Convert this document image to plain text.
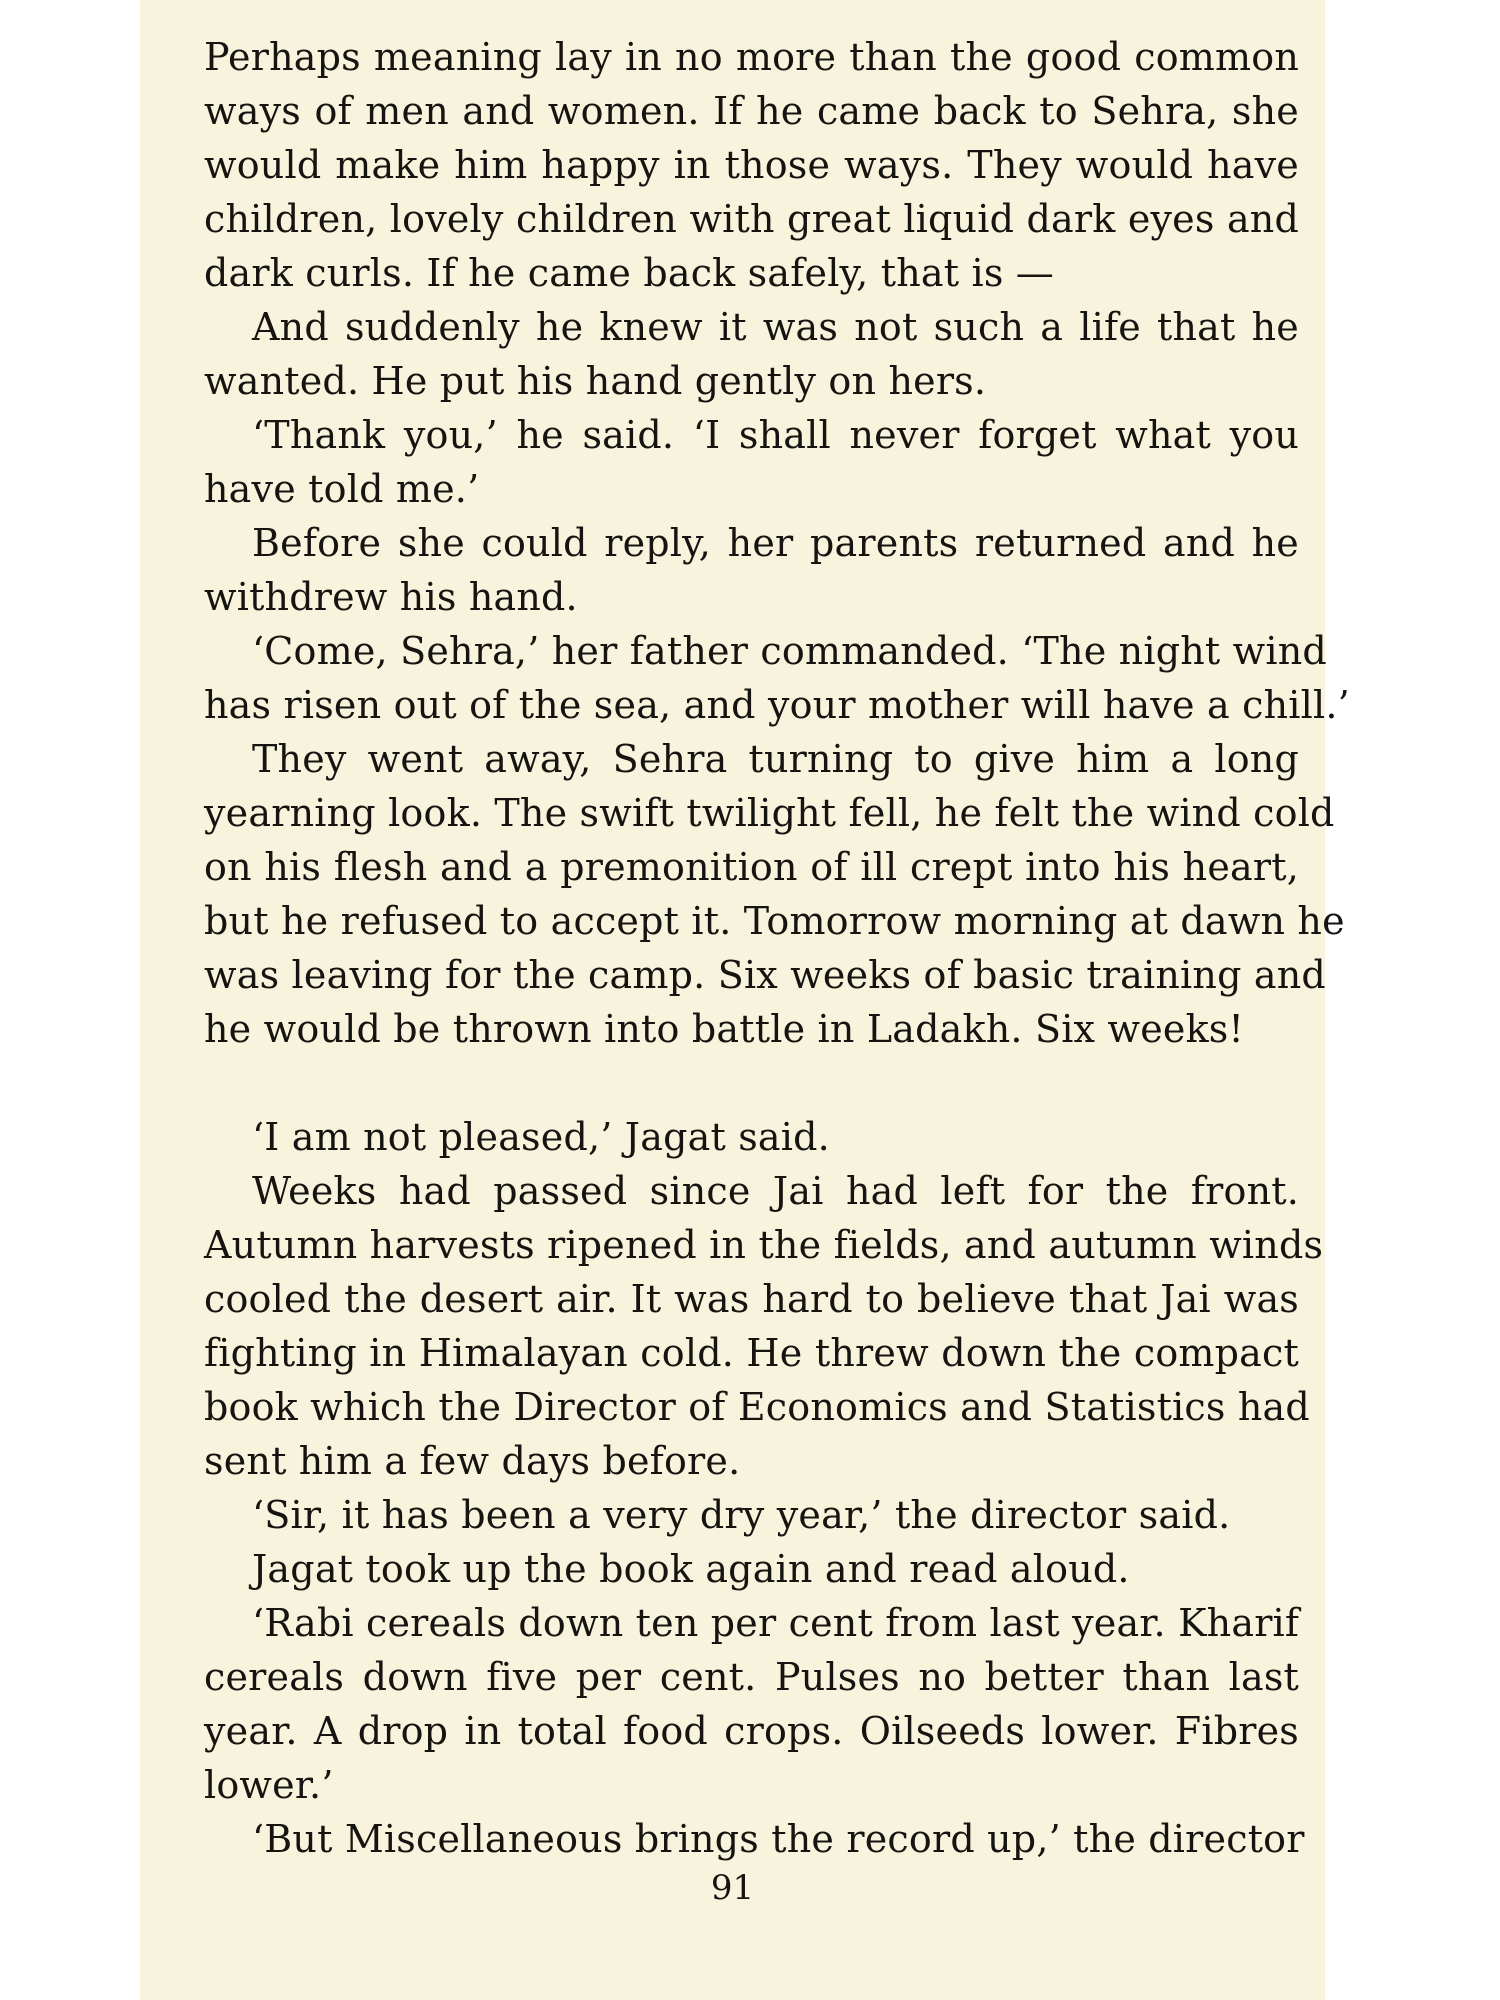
Perhaps meaning lay in no more than the good common
ways of men and women. If he came back to Sehra, she
would make him happy in those ways. They would have
children, lovely children with great liquid dark eyes and
dark curls. If he came back safely, that is —
And suddenly he knew it was not such a life that he
wanted. He put his hand gently on hers.
‘Thank you,’ he said. ‘I shall never forget what you
have told me.’
Before she could reply, her parents returned and he
withdrew his hand.
‘Come, Sehra,’ her father commanded. ‘The night wind
has risen out of the sea, and your mother will have a chill.’
They went away, Sehra turning to give him a long
yearning look. The swift twilight fell, he felt the wind cold
on his flesh and a premonition of ill crept into his heart,
but he refused to accept it. Tomorrow morning at dawn he
was leaving for the camp. Six weeks of basic training and
he would be thrown into battle in Ladakh. Six weeks!
‘I am not pleased,’ Jagat said.
Weeks had passed since Jai had left for the front.
Autumn harvests ripened in the fields, and autumn winds
cooled the desert air. It was hard to believe that Jai was
fighting in Himalayan cold. He threw down the compact
book which the Director of Economics and Statistics had
sent him a few days before.
‘Sir, it has been a very dry year,’ the director said.
Jagat took up the book again and read aloud.
‘Rabi cereals down ten per cent from last year. Kharif
cereals down five per cent. Pulses no better than last
year. A drop in total food crops. Oilseeds lower. Fibres
lower.’
‘But Miscellaneous brings the record up,’ the director
91
